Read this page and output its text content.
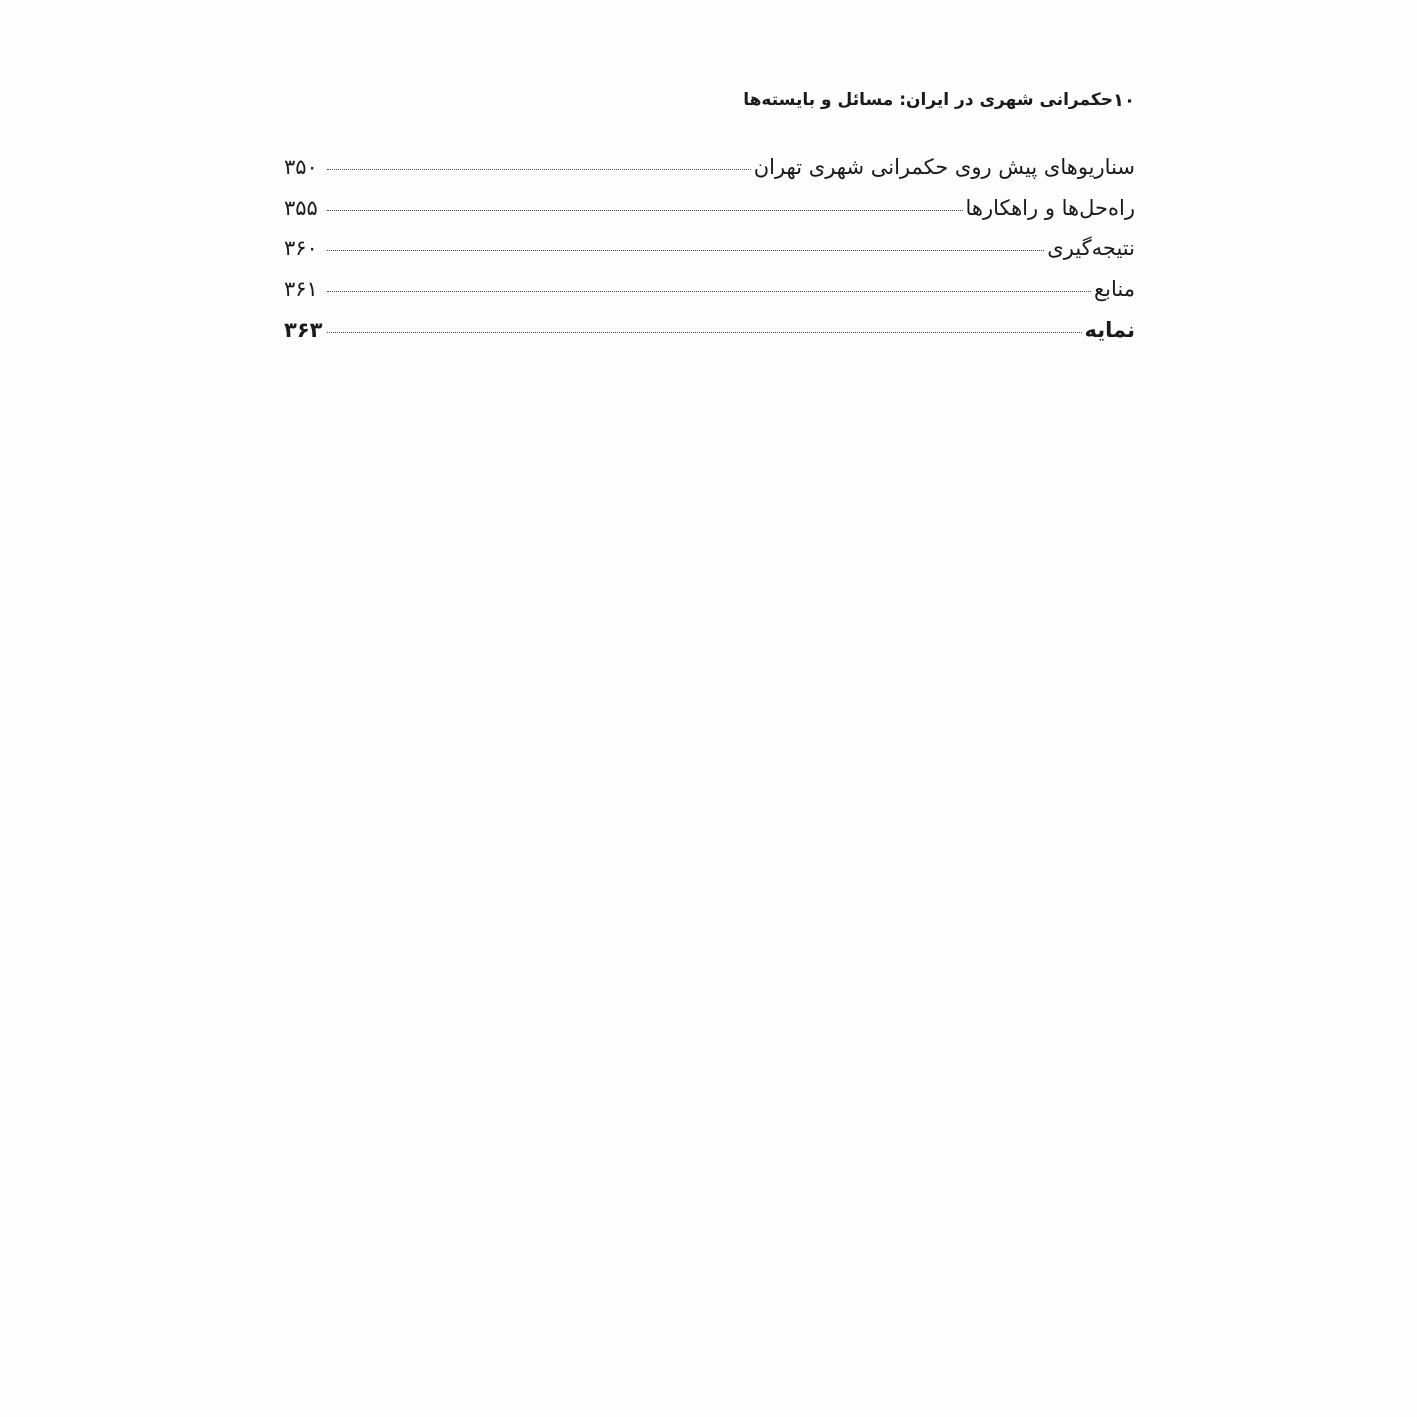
۱۰
حکمرانی شهری در ایران: مسائل و بایسته‌ها
سناریوهای پیش روی حکمرانی شهری تهران
۳۵۰
راه‌حل‌ها و راهکارها
۳۵۵
نتیجه‌گیری
۳۶۰
منابع
۳۶۱
نمایه
۳۶۳
